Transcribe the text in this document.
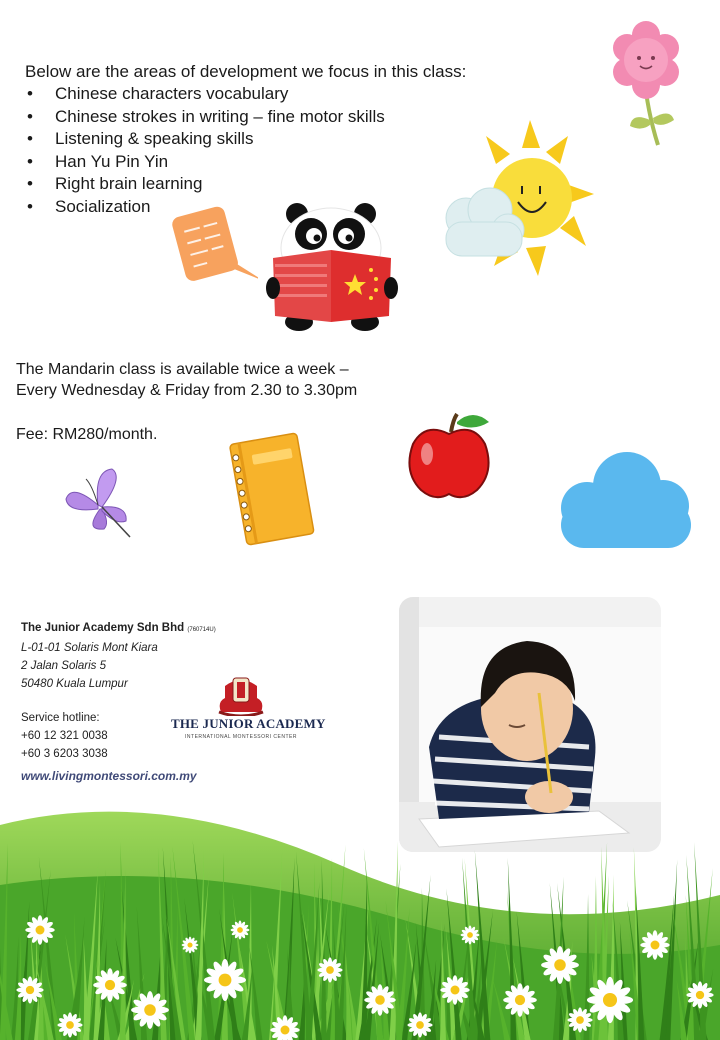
Below are the areas of development we focus in this class:
• Chinese characters vocabulary
• Chinese strokes in writing – fine motor skills
• Listening & speaking skills
• Han Yu Pin Yin
• Right brain learning
• Socialization
The Mandarin class is available twice a week –
Every Wednesday & Friday from 2.30 to 3.30pm
Fee: RM280/month.
The Junior Academy Sdn Bhd (760714U)
L-01-01 Solaris Mont Kiara
2 Jalan Solaris 5
50480 Kuala Lumpur
Service hotline:
+60 12 321 0038
+60 3 6203 3038
www.livingmontessori.com.my
THE JUNIOR ACADEMY
INTERNATIONAL MONTESSORI CENTER
